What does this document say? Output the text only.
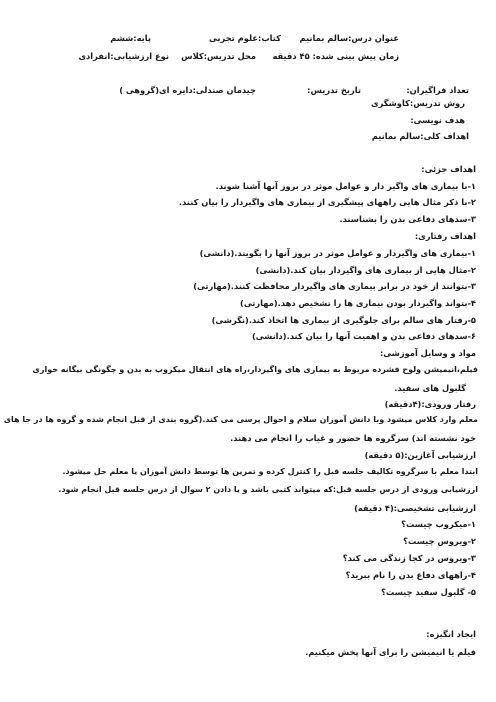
عنوان درس:سالم بمانیم
کتاب:علوم تجربی
پایه:ششم
زمان پیش بینی شده: ۴۵ دقیقه
محل تدریس:کلاس
نوع ارزشیابی:انفرادی
تعداد فراگیران:
تاریخ تدریس:
چیدمان صندلی:دایره ای(گروهی )
روش تدریس:کاوشگری
هدف نویسی:
اهداف کلی:سالم بمانیم
اهداف جزئی:
۱-با بیماری های واگیر دار و عوامل موثر در بروز آنها آشنا شوند.
۲-با ذکر مثال هایی راههای پیشگیری از بیماری های واگیردار را بیان کنند.
۳-سدهای دفاعی بدن را بشناسند.
اهداف رفتاری:
۱-بیماری های واگیردار و عوامل موثر در بروز آنها را بگویند.(دانشی)
۲-مثال هایی از بیماری های واگیردار بیان کند.(دانشی)
۳-بتوانند از خود در برابر بیماری های واگیردار محافظت کنند.(مهارتی)
۴-بتواند واگیردار بودن بیماری ها را تشخیص دهد.(مهارتی)
۵-رفتار های سالم برای جلوگیری از بیماری ها اتخاذ کند.(نگرشی)
۶-سدهای دفاعی بدن و اهمیت آنها را بیان کند.(دانشی)
مواد و وسایل آموزشی:
فیلم،انیمیشن ولوح فشرده مربوط به بیماری های واگیردار،راه های انتقال میکروب به بدن و چگونگی بیگانه خواری
گلبول های سفید.
رفتار ورودی:(۴دقیقه)
معلم وارد کلاس میشود وبا دانش آموزان سلام و احوال پرسی می کند.(گروه بندی از قبل انجام شده و گروه ها در جا های
خود نشسته اند) سرگروه ها حضور و غیاب را انجام می دهند.
ارزشیابی آغازین:(۵ دقیقه)
ابتدا معلم با سرگروه تکالیف جلسه قبل را کنترل کرده و تمرین ها توسط دانش آموزان یا معلم حل میشود.
ارزشیابی ورودی از درس جلسه قبل:که میتواند کتبی باشد و یا دادن ۲ سوال از درس جلسه قبل انجام شود.
ارزشیابی تشخیصی:(۴ دقیقه)
۱-میکروب چیست؟
۲-ویروس چیست؟
۳-ویروس در کجا زندگی می کند؟
۴-راههای دفاع بدن را نام ببرید؟
۵- گلبول سفید چیست؟
ایجاد انگیزه:
فیلم یا انیمیشن را برای آنها پخش میکنیم.
